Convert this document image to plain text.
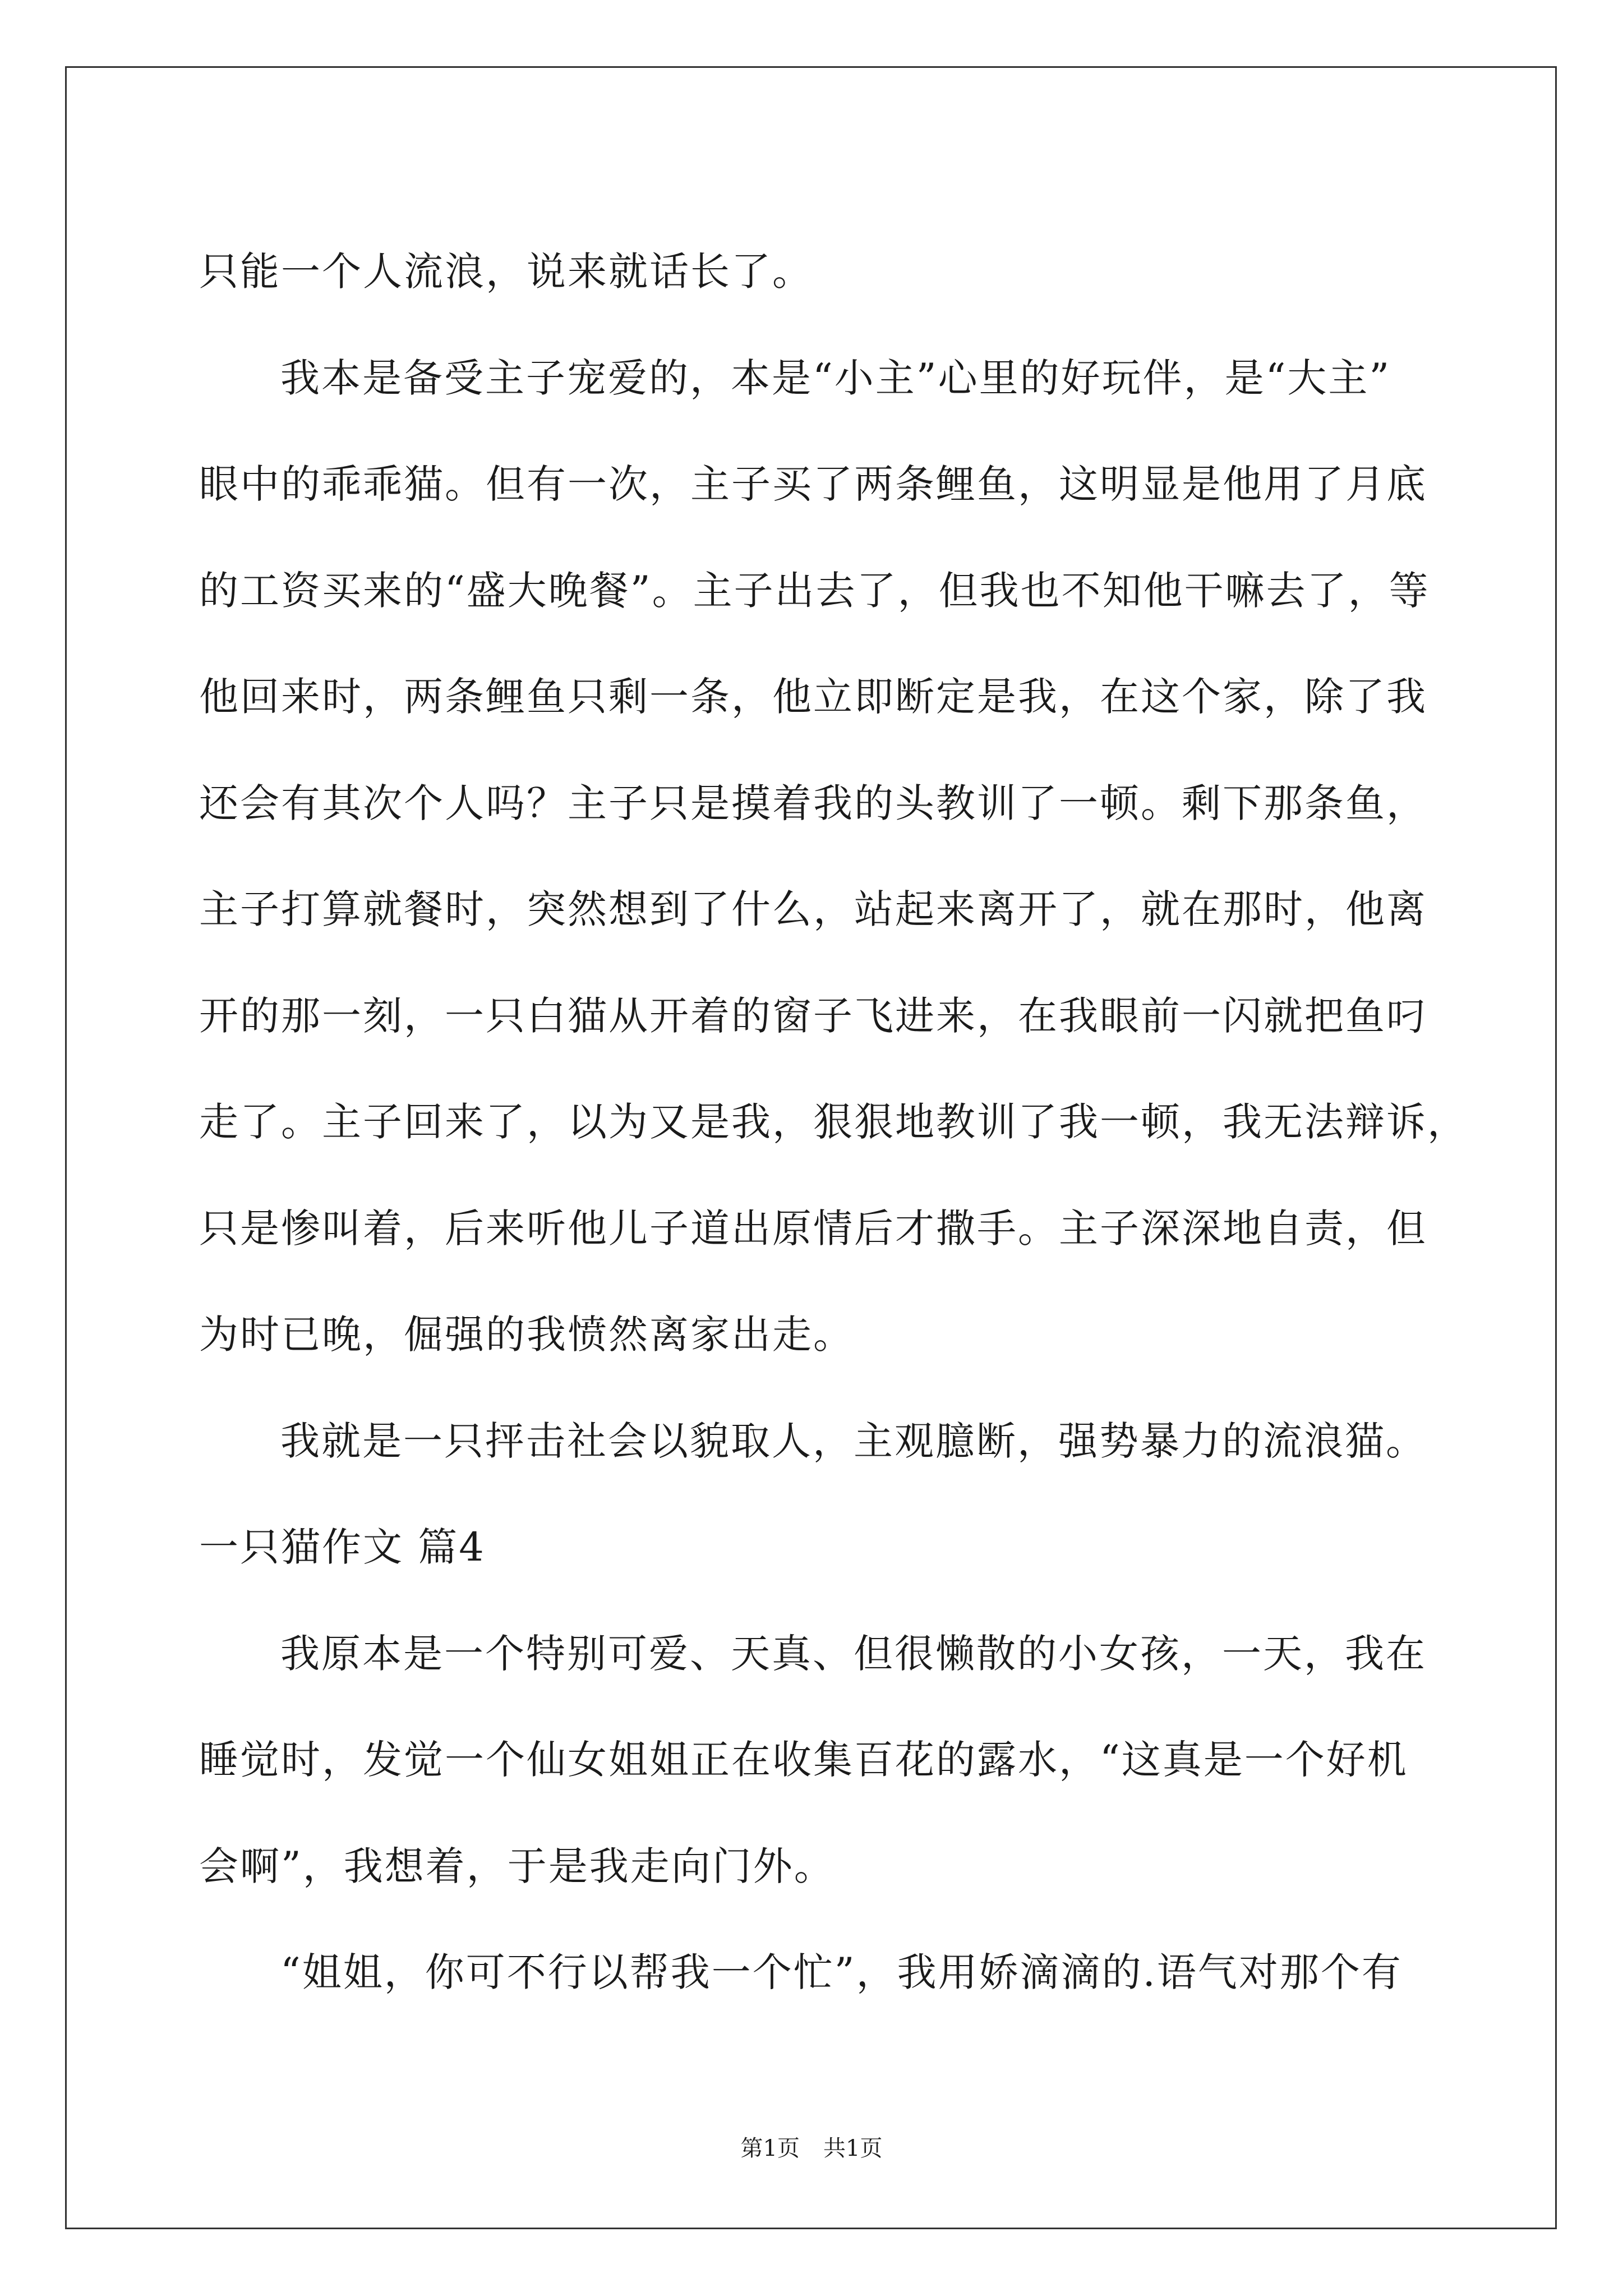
只能一个人流浪，说来就话长了。
我本是备受主子宠爱的，本是“小主”心里的好玩伴，是“大主”
眼中的乖乖猫。但有一次，主子买了两条鲤鱼，这明显是他用了月底
的工资买来的“盛大晚餐”。主子出去了，但我也不知他干嘛去了，等
他回来时，两条鲤鱼只剩一条，他立即断定是我，在这个家，除了我
还会有其次个人吗？主子只是摸着我的头教训了一顿。剩下那条鱼，
主子打算就餐时，突然想到了什么，站起来离开了，就在那时，他离
开的那一刻，一只白猫从开着的窗子飞进来，在我眼前一闪就把鱼叼
走了。主子回来了，以为又是我，狠狠地教训了我一顿，我无法辩诉，
只是惨叫着，后来听他儿子道出原情后才撒手。主子深深地自责，但
为时已晚，倔强的我愤然离家出走。
我就是一只抨击社会以貌取人，主观臆断，强势暴力的流浪猫。
一只猫作文 篇4
我原本是一个特别可爱、天真、但很懒散的小女孩，一天，我在
睡觉时，发觉一个仙女姐姐正在收集百花的露水，“这真是一个好机
会啊”，我想着，于是我走向门外。
“姐姐，你可不行以帮我一个忙”，我用娇滴滴的.语气对那个有
第1页 共1页
